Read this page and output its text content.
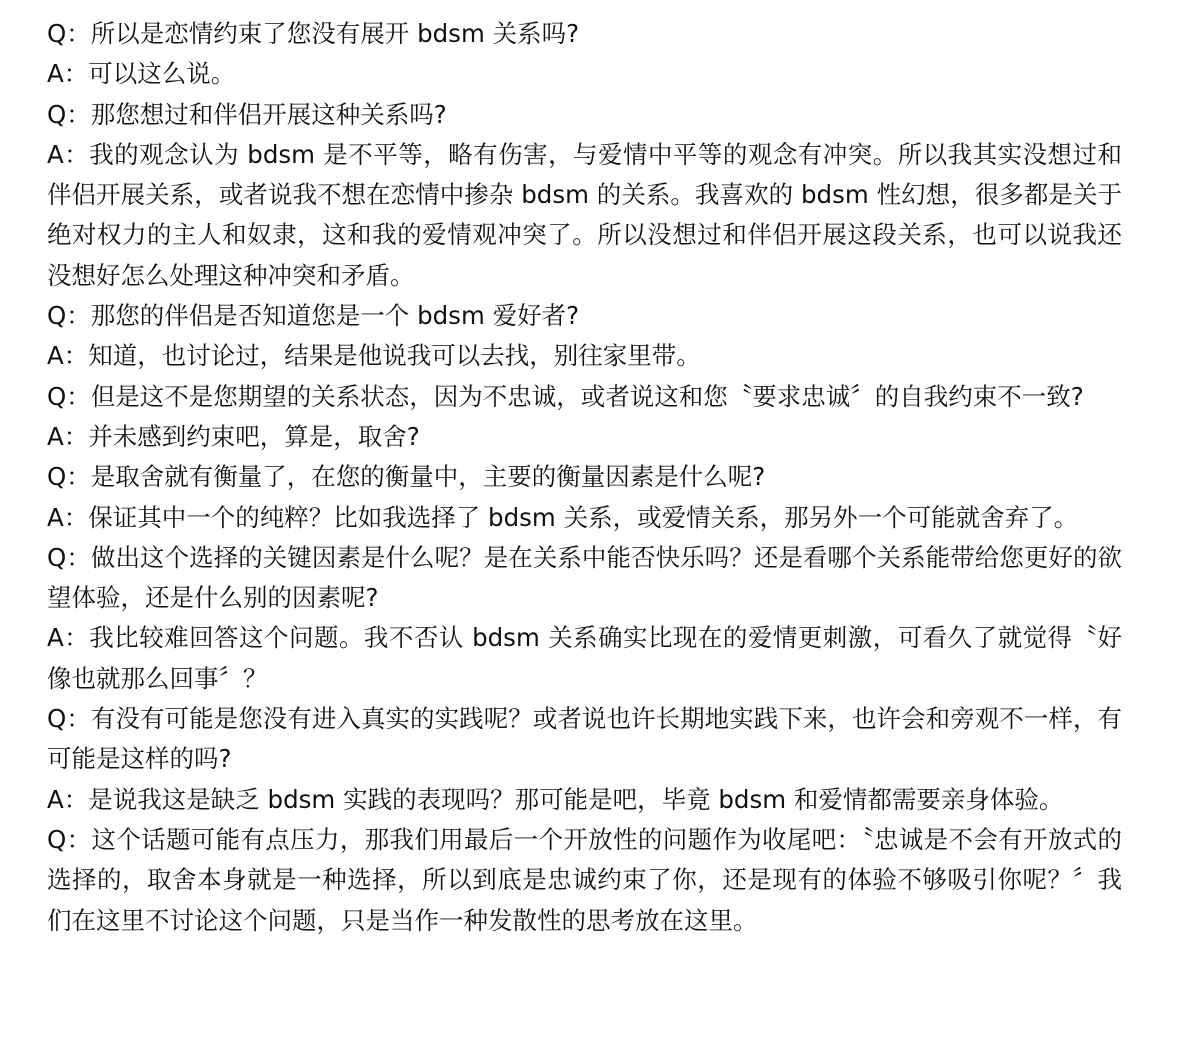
Q：所以是恋情约束了您没有展开 bdsm 关系吗?

A：可以这么说。

Q：那您想过和伴侣开展这种关系吗?

A：我的观念认为 bdsm 是不平等，略有伤害，与爱情中平等的观念有冲突。所以我其实没想过和伴侣开展关系，或者说我不想在恋情中掺杂 bdsm 的关系。我喜欢的 bdsm 性幻想，很多都是关于绝对权力的主人和奴隶，这和我的爱情观冲突了。所以没想过和伴侣开展这段关系，也可以说我还没想好怎么处理这种冲突和矛盾。

Q：那您的伴侣是否知道您是一个 bdsm 爱好者?

A：知道，也讨论过，结果是他说我可以去找，别往家里带。

Q：但是这不是您期望的关系状态，因为不忠诚，或者说这和您〝要求忠诚〞的自我约束不一致?

A：并未感到约束吧，算是，取舍?

Q：是取舍就有衡量了，在您的衡量中，主要的衡量因素是什么呢?

A：保证其中一个的纯粹？比如我选择了 bdsm 关系，或爱情关系，那另外一个可能就舍弃了。

Q：做出这个选择的关键因素是什么呢？是在关系中能否快乐吗？还是看哪个关系能带给您更好的欲望体验，还是什么别的因素呢?

A：我比较难回答这个问题。我不否认 bdsm 关系确实比现在的爱情更刺激，可看久了就觉得〝好像也就那么回事〞？

Q：有没有可能是您没有进入真实的实践呢？或者说也许长期地实践下来，也许会和旁观不一样，有可能是这样的吗?

A：是说我这是缺乏 bdsm 实践的表现吗？那可能是吧，毕竟 bdsm 和爱情都需要亲身体验。

Q：这个话题可能有点压力，那我们用最后一个开放性的问题作为收尾吧：〝忠诚是不会有开放式的选择的，取舍本身就是一种选择，所以到底是忠诚约束了你，还是现有的体验不够吸引你呢？〞我们在这里不讨论这个问题，只是当作一种发散性的思考放在这里。
